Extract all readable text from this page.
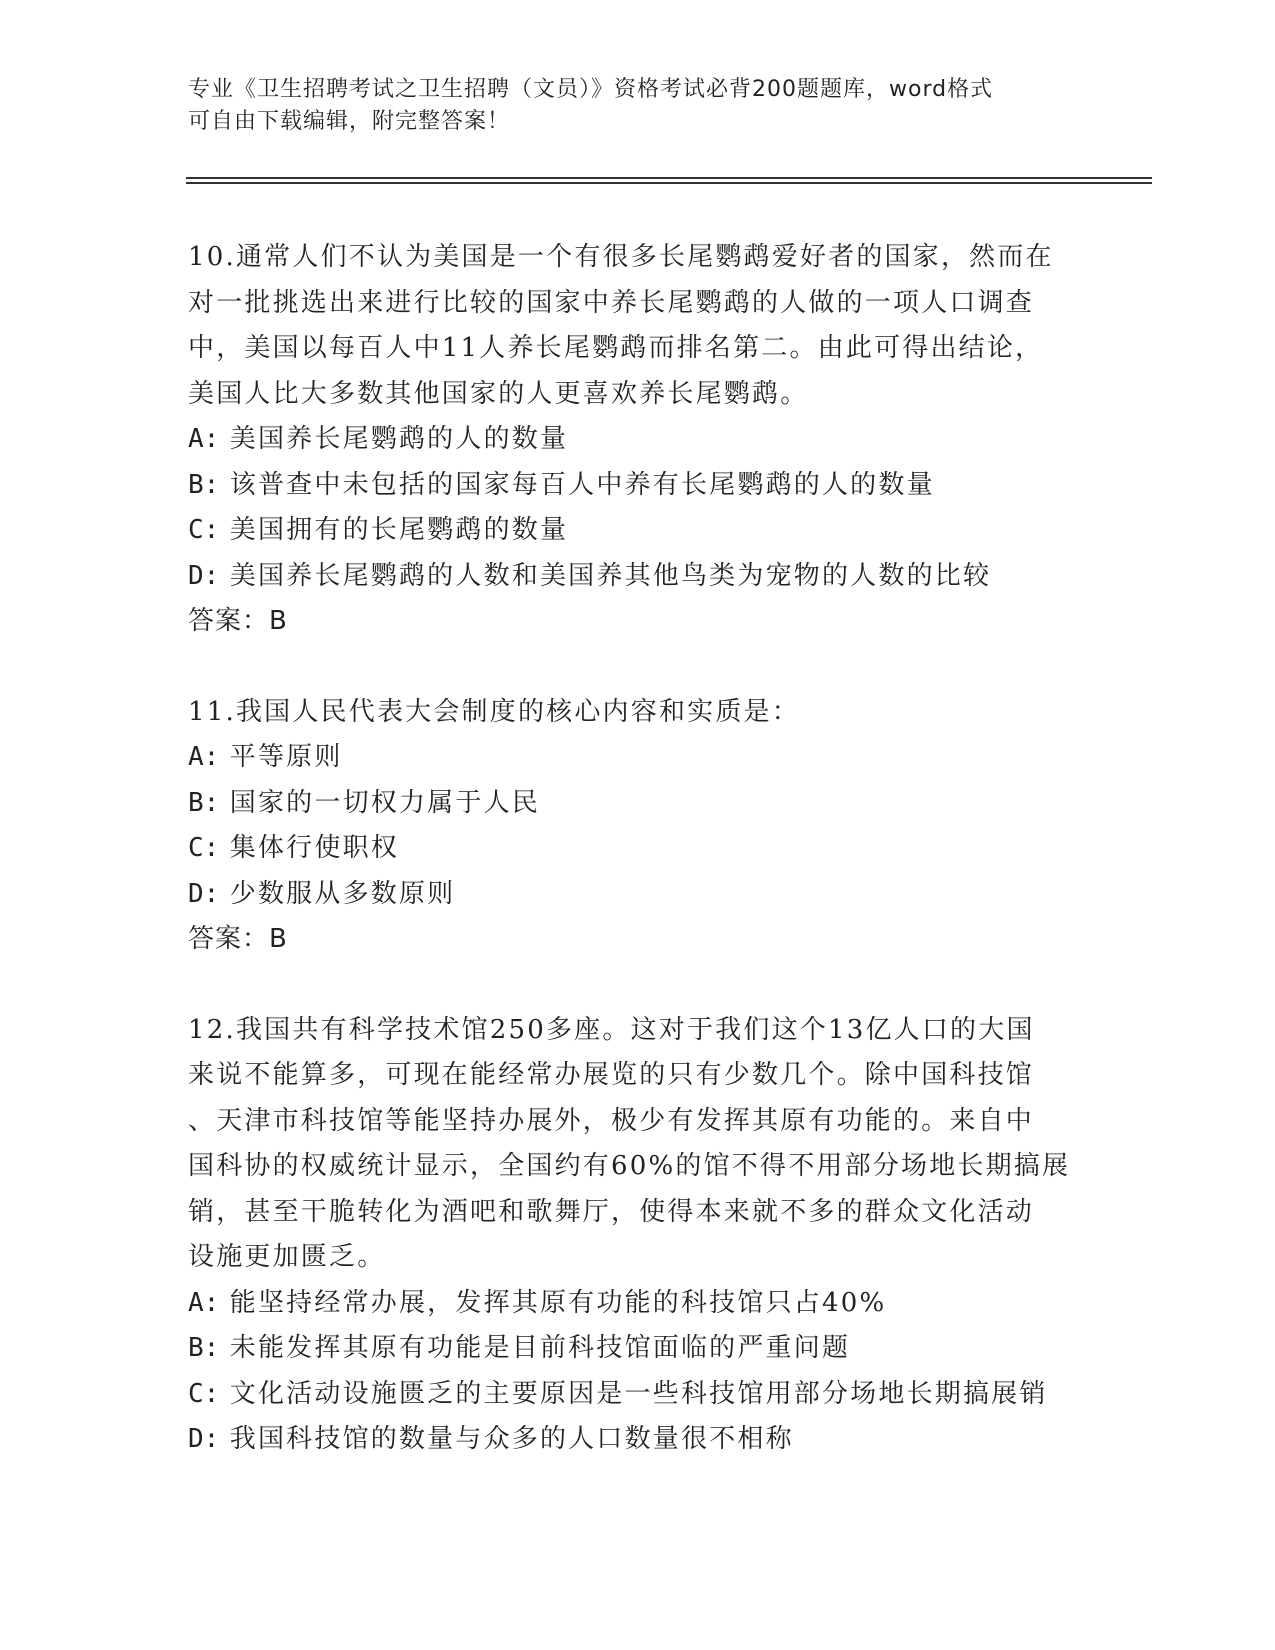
专业《卫生招聘考试之卫生招聘（文员）》资格考试必背200题题库，word格式
可自由下载编辑，附完整答案！
10.通常人们不认为美国是一个有很多长尾鹦鹉爱好者的国家，然而在
对一批挑选出来进行比较的国家中养长尾鹦鹉的人做的一项人口调查
中，美国以每百人中11人养长尾鹦鹉而排名第二。由此可得出结论，
美国人比大多数其他国家的人更喜欢养长尾鹦鹉。
A: 美国养长尾鹦鹉的人的数量
B: 该普查中未包括的国家每百人中养有长尾鹦鹉的人的数量
C: 美国拥有的长尾鹦鹉的数量
D: 美国养长尾鹦鹉的人数和美国养其他鸟类为宠物的人数的比较
答案：B
11.我国人民代表大会制度的核心内容和实质是：
A: 平等原则
B: 国家的一切权力属于人民
C: 集体行使职权
D: 少数服从多数原则
答案：B
12.我国共有科学技术馆250多座。这对于我们这个13亿人口的大国
来说不能算多，可现在能经常办展览的只有少数几个。除中国科技馆
、天津市科技馆等能坚持办展外，极少有发挥其原有功能的。来自中
国科协的权威统计显示，全国约有60%的馆不得不用部分场地长期搞展
销，甚至干脆转化为酒吧和歌舞厅，使得本来就不多的群众文化活动
设施更加匮乏。
A: 能坚持经常办展，发挥其原有功能的科技馆只占40%
B: 未能发挥其原有功能是目前科技馆面临的严重问题
C: 文化活动设施匮乏的主要原因是一些科技馆用部分场地长期搞展销
D: 我国科技馆的数量与众多的人口数量很不相称
